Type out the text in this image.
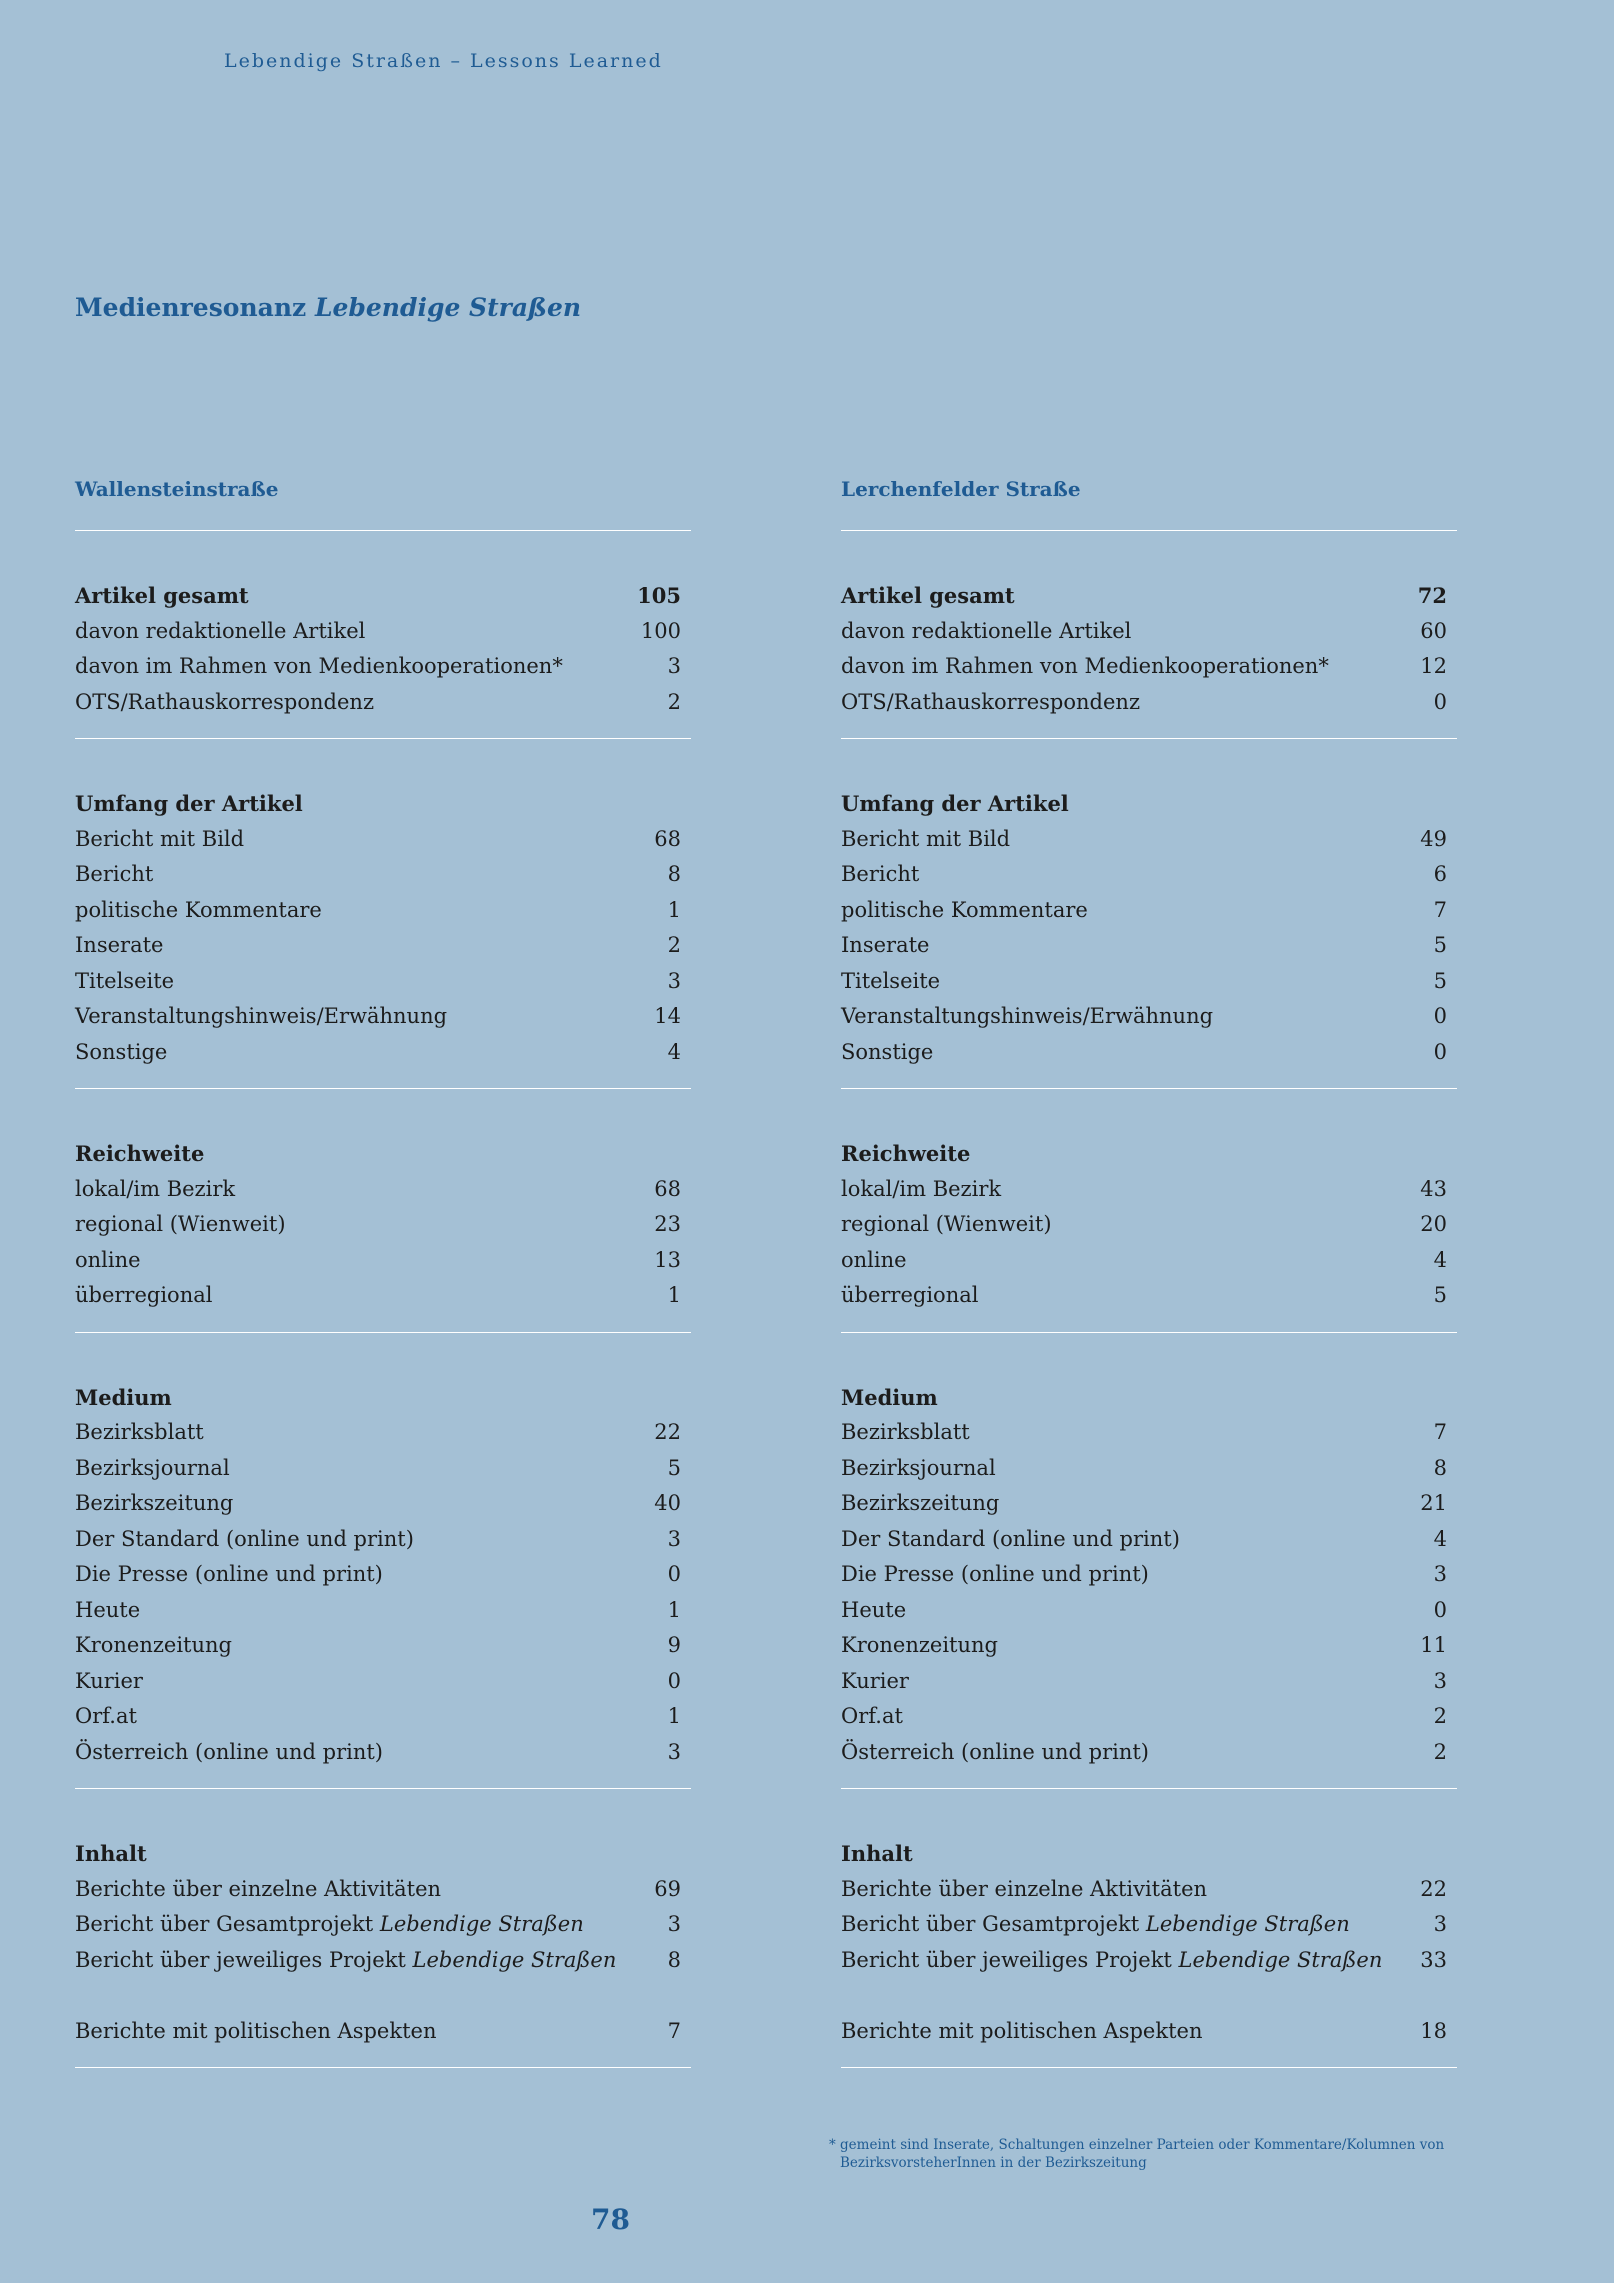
Lebendige Straßen – Lessons Learned
Medienresonanz Lebendige Straßen
Wallensteinstraße
Artikel gesamt	105
davon redaktionelle Artikel	100
davon im Rahmen von Medienkooperationen*	3
OTS/Rathauskorrespondenz	2
Umfang der Artikel
Bericht mit Bild	68
Bericht	8
politische Kommentare	1
Inserate	2
Titelseite	3
Veranstaltungshinweis/Erwähnung	14
Sonstige	4
Reichweite
lokal/im Bezirk	68
regional (Wienweit)	23
online	13
überregional	1
Medium
Bezirksblatt	22
Bezirksjournal	5
Bezirkszeitung	40
Der Standard (online und print)	3
Die Presse (online und print)	0
Heute	1
Kronenzeitung	9
Kurier	0
Orf.at	1
Österreich (online und print)	3
Inhalt
Berichte über einzelne Aktivitäten	69
Bericht über Gesamtprojekt Lebendige Straßen	3
Bericht über jeweiliges Projekt Lebendige Straßen 8
Berichte mit politischen Aspekten	7
Lerchenfelder Straße
Artikel gesamt	72
davon redaktionelle Artikel	60
davon im Rahmen von Medienkooperationen*	12
OTS/Rathauskorrespondenz	0
Umfang der Artikel
Bericht mit Bild	49
Bericht	6
politische Kommentare	7
Inserate	5
Titelseite	5
Veranstaltungshinweis/Erwähnung	0
Sonstige	0
Reichweite
lokal/im Bezirk	43
regional (Wienweit)	20
online	4
überregional	5
Medium
Bezirksblatt	7
Bezirksjournal	8
Bezirkszeitung	21
Der Standard (online und print)	4
Die Presse (online und print)	3
Heute	0
Kronenzeitung	11
Kurier	3
Orf.at	2
Österreich (online und print)	2
Inhalt
Berichte über einzelne Aktivitäten	22
Bericht über Gesamtprojekt Lebendige Straßen	3
Bericht über jeweiliges Projekt Lebendige Straßen 33
Berichte mit politischen Aspekten	18
* gemeint sind Inserate, Schaltungen einzelner Parteien oder Kommentare/Kolumnen von
BezirksvorsteherInnen in der Bezirkszeitung
78
